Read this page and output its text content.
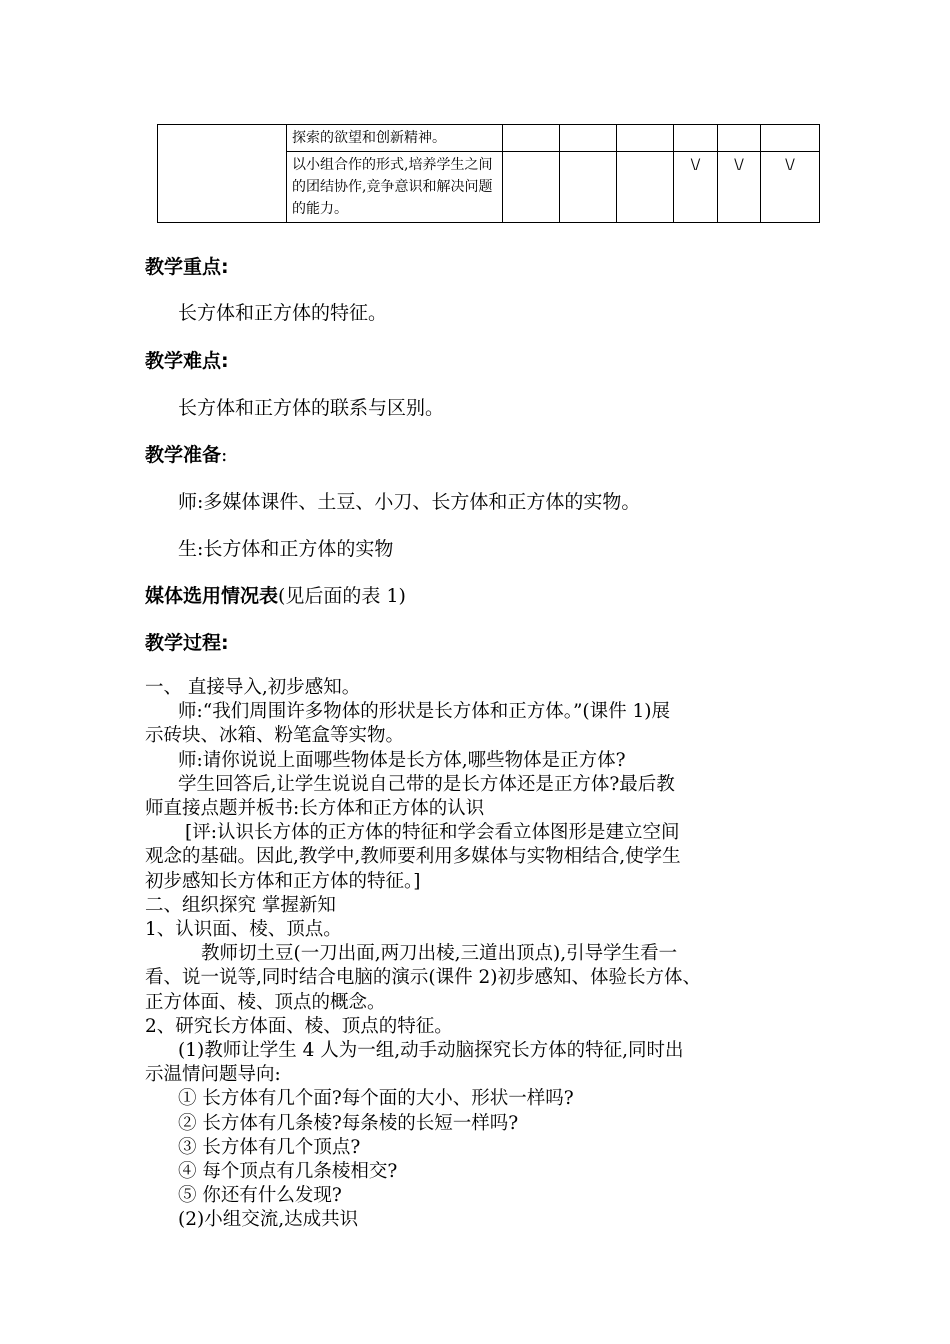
	探索的欲望和创新精神。						
	以小组合作的形式,培养学生之间的团结协作,竞争意识和解决问题的能力。				\/	\/	\/
教学重点:
长方体和正方体的特征。
教学难点:
长方体和正方体的联系与区别。
教学准备:
师:多媒体课件、土豆、小刀、长方体和正方体的实物。
生:长方体和正方体的实物
媒体选用情况表(见后面的表 1)
教学过程:
一、 直接导入,初步感知。
师:“我们周围许多物体的形状是长方体和正方体。”(课件 1)展
示砖块、冰箱、粉笔盒等实物。
师:请你说说上面哪些物体是长方体,哪些物体是正方体?
学生回答后,让学生说说自己带的是长方体还是正方体?最后教
师直接点题并板书:长方体和正方体的认识
[评:认识长方体的正方体的特征和学会看立体图形是建立空间
观念的基础。因此,教学中,教师要利用多媒体与实物相结合,使学生
初步感知长方体和正方体的特征。]
二、组织探究 掌握新知
1、认识面、棱、顶点。
教师切土豆(一刀出面,两刀出棱,三道出顶点),引导学生看一
看、说一说等,同时结合电脑的演示(课件 2)初步感知、体验长方体、
正方体面、棱、顶点的概念。
2、研究长方体面、棱、顶点的特征。
(1)教师让学生 4 人为一组,动手动脑探究长方体的特征,同时出
示温情问题导向:
① 长方体有几个面?每个面的大小、形状一样吗?
② 长方体有几条棱?每条棱的长短一样吗?
③ 长方体有几个顶点?
④ 每个顶点有几条棱相交?
⑤ 你还有什么发现?
(2)小组交流,达成共识
